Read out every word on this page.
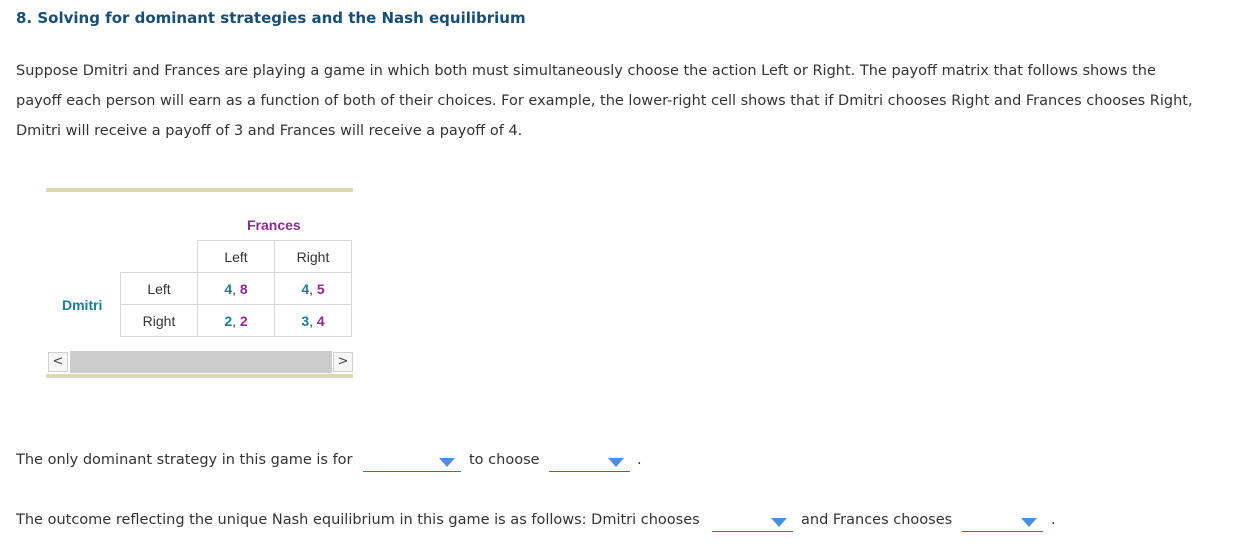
8. Solving for dominant strategies and the Nash equilibrium

Suppose Dmitri and Frances are playing a game in which both must simultaneously choose the action Left or Right. The payoff matrix that follows shows the payoff each person will earn as a function of both of their choices. For example, the lower-right cell shows that if Dmitri chooses Right and Frances chooses Right, Dmitri will receive a payoff of 3 and Frances will receive a payoff of 4.

Frances
Dmitri
	Left	Right
Left	4, 8	4, 5
Right	2, 2	3, 4
<	>
The only dominant strategy in this game is for	to choose	.
The outcome reflecting the unique Nash equilibrium in this game is as follows: Dmitri chooses	and Frances chooses	.
